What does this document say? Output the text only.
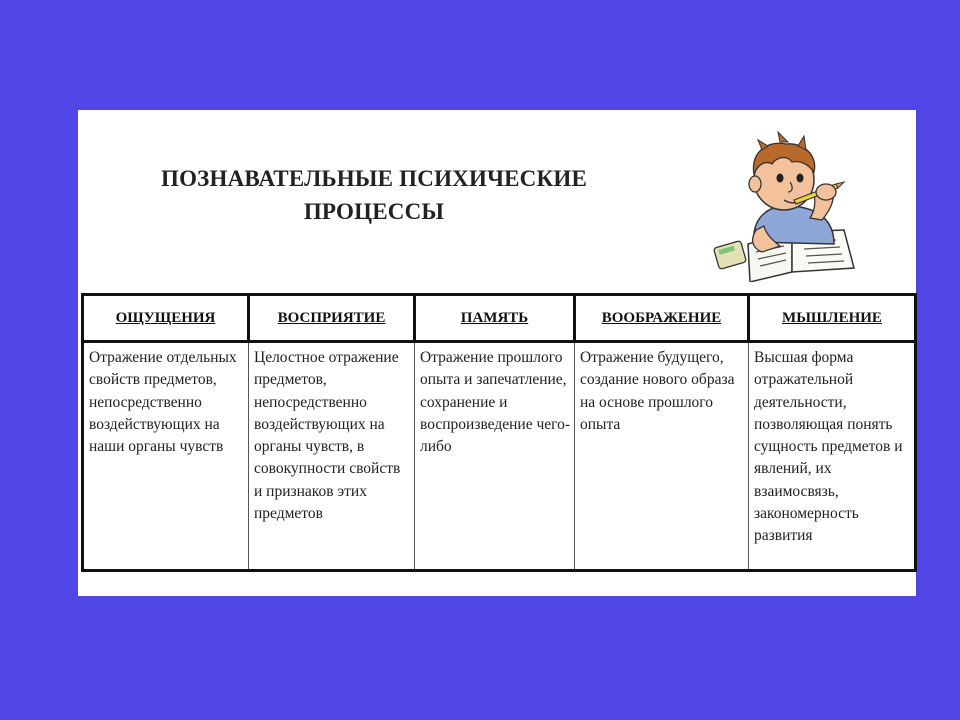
ПОЗНАВАТЕЛЬНЫЕ ПСИХИЧЕСКИЕ
ПРОЦЕССЫ
ОЩУЩЕНИЯ	ВОСПРИЯТИЕ	ПАМЯТЬ	ВООБРАЖЕНИЕ	МЫШЛЕНИЕ
Отражение отдельных свойств предметов, непосредственно воздействующих на наши органы чувств	Целостное отражение предметов, непосредственно воздействующих на органы чувств, в совокупности свойств и признаков этих предметов	Отражение прошлого опыта и запечатление, сохранение и воспроизведение чего-либо	Отражение будущего, создание нового образа на основе прошлого опыта	Высшая форма отражательной деятельности, позволяющая понять сущность предметов и явлений, их взаимосвязь, закономерность развития
